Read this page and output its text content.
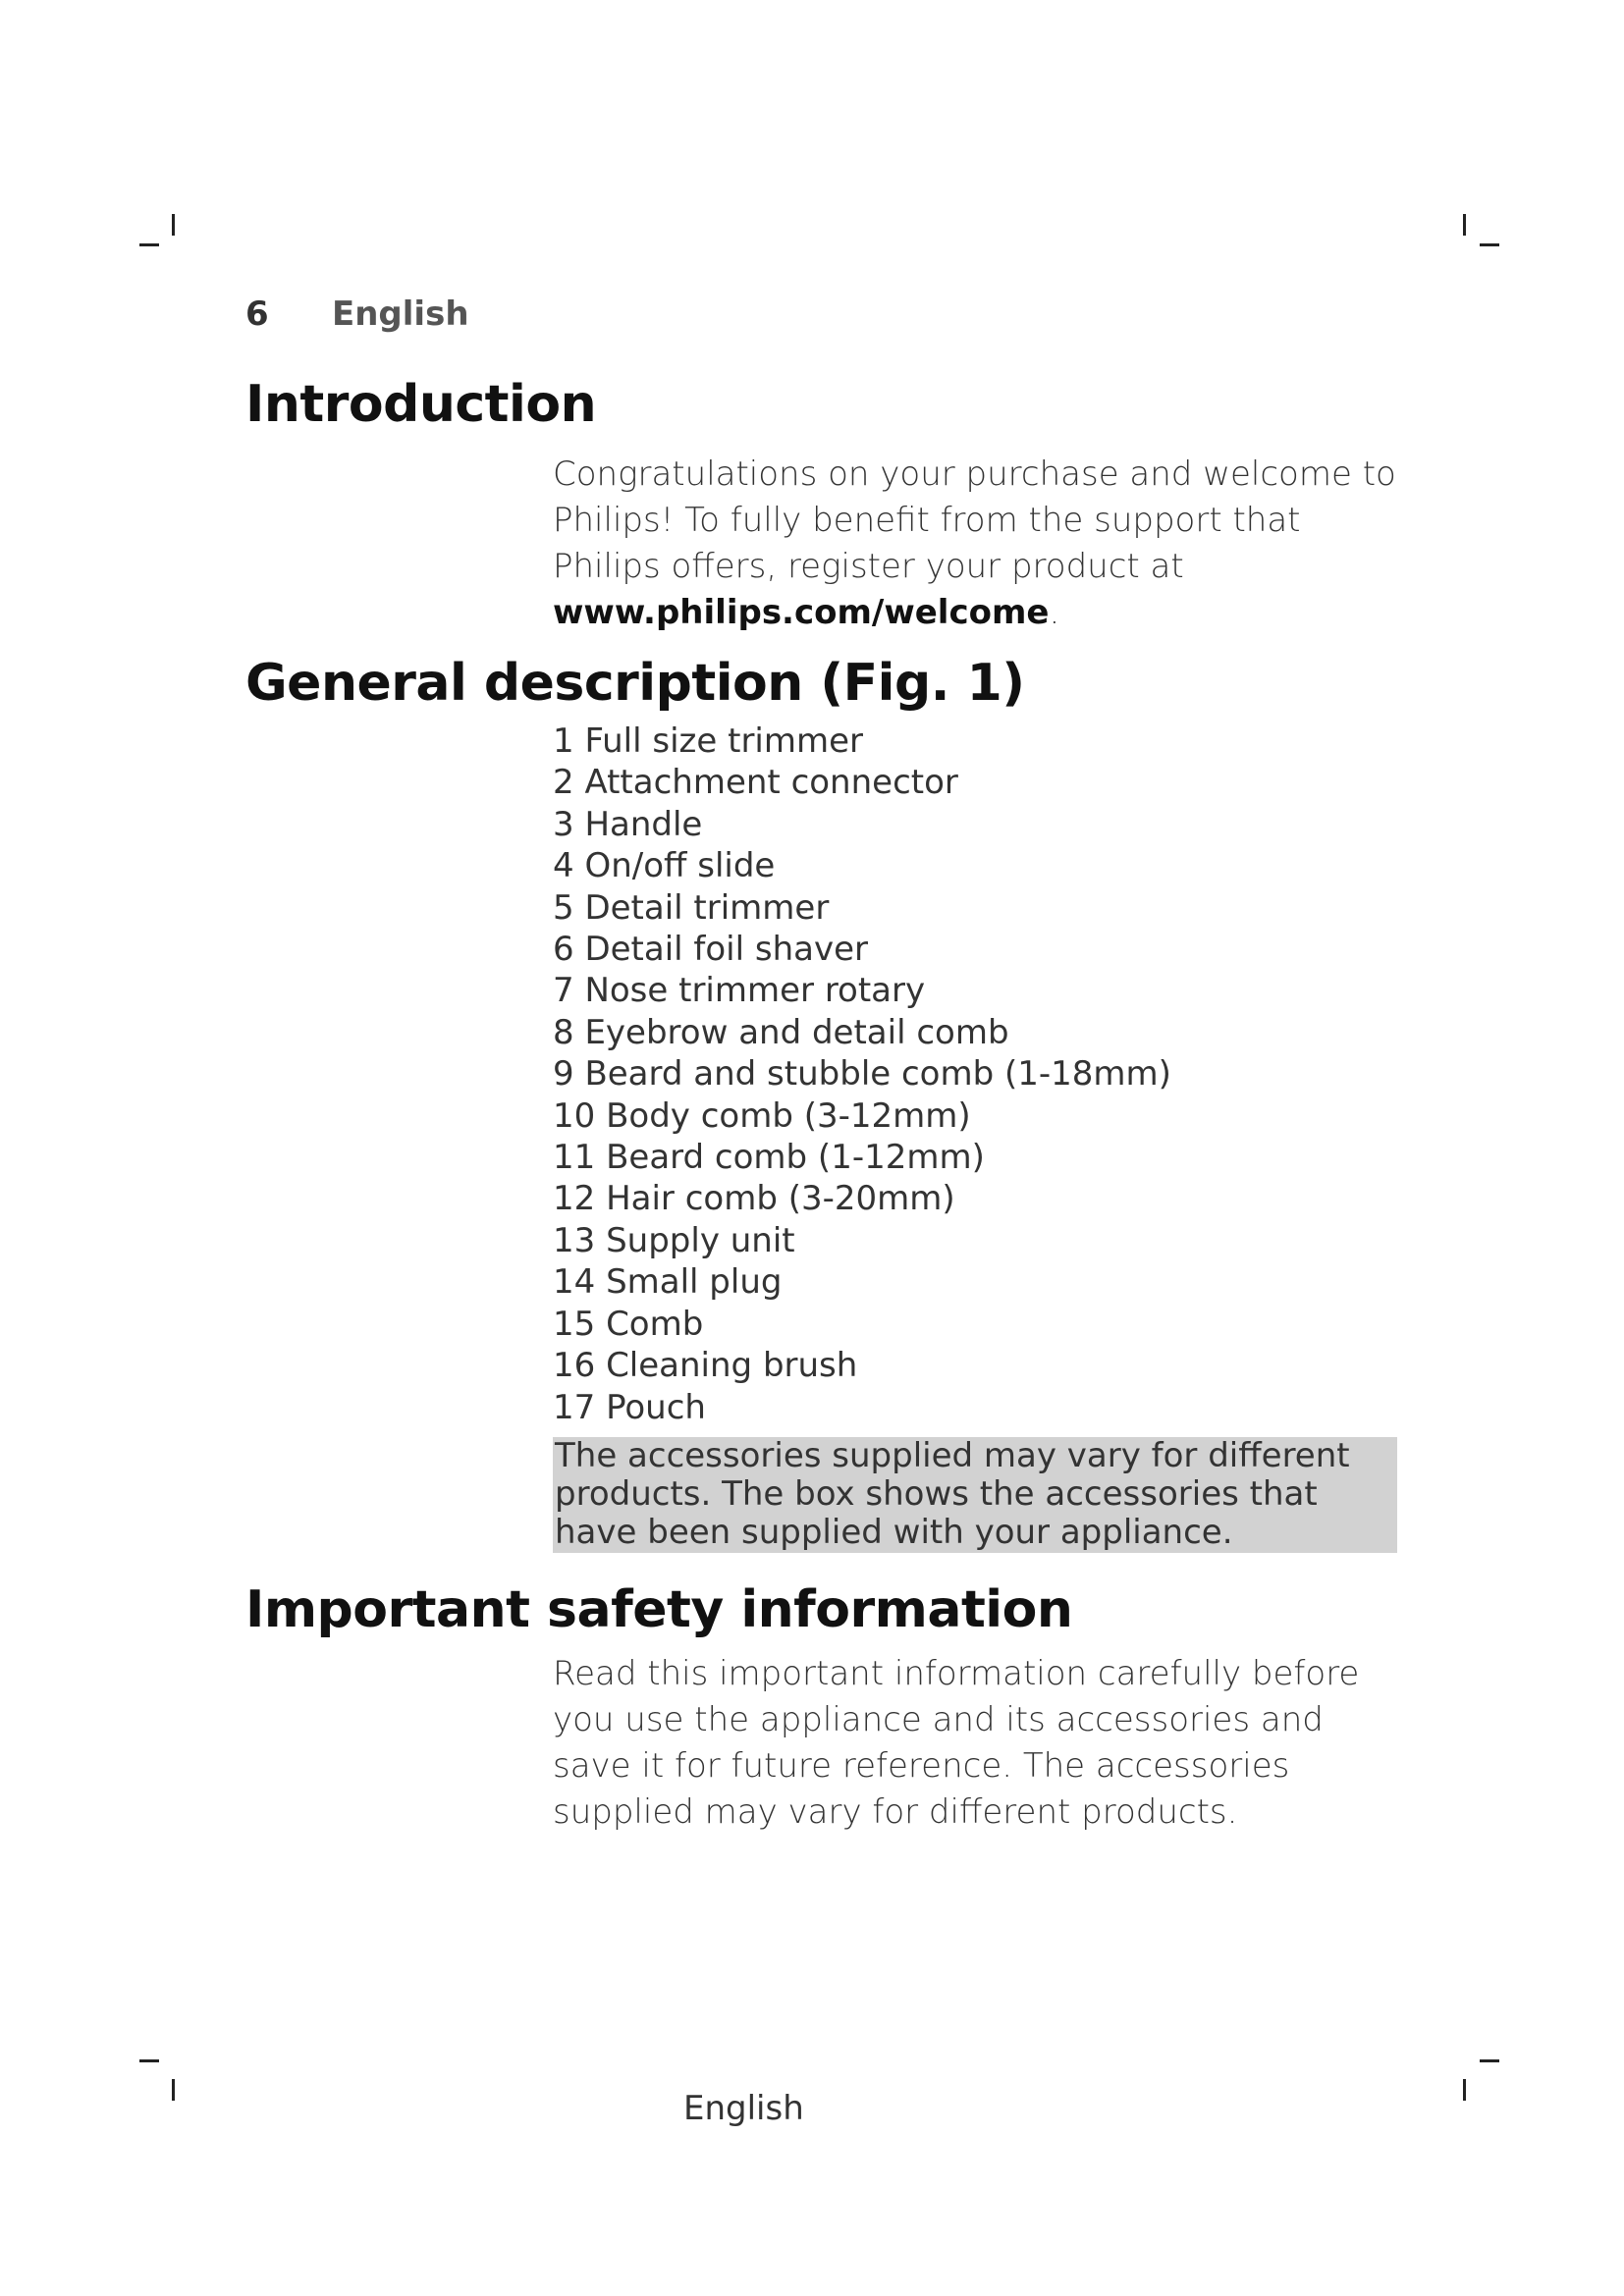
6 English
Introduction

Congratulations on your purchase and welcome to Philips! To fully benefit from the support that Philips offers, register your product at www.philips.com/welcome.

General description (Fig. 1)
1 Full size trimmer
2 Attachment connector
3 Handle
4 On/off slide
5 Detail trimmer
6 Detail foil shaver
7 Nose trimmer rotary
8 Eyebrow and detail comb
9 Beard and stubble comb (1-18mm)
10 Body comb (3-12mm)
11 Beard comb (1-12mm)
12 Hair comb (3-20mm)
13 Supply unit
14 Small plug
15 Comb
16 Cleaning brush
17 Pouch
The accessories supplied may vary for different products. The box shows the accessories that have been supplied with your appliance.
Important safety information

Read this important information carefully before you use the appliance and its accessories and save it for future reference. The accessories supplied may vary for different products.

English
